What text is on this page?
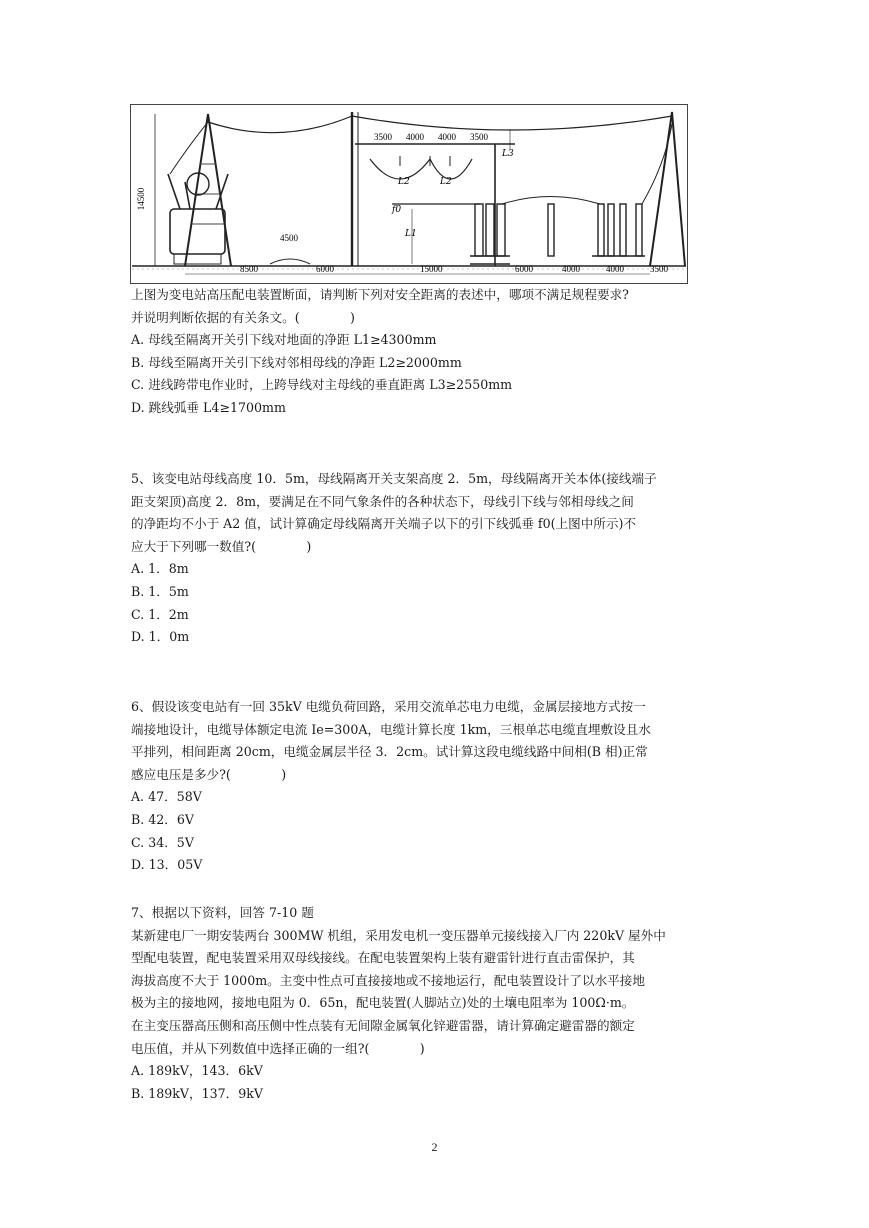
14500
3500 4000 4000 3500
L2	L2
f0
L1
L3
4500
8500	6000	15000	6000	4000	4000	3500

上图为变电站高压配电装置断面，请判断下列对安全距离的表述中，哪项不满足规程要求?

并说明判断依据的有关条文。(　　　　)

A. 母线至隔离开关引下线对地面的净距 L1≥4300mm

B. 母线至隔离开关引下线对邻相母线的净距 L2≥2000mm

C. 进线跨带电作业时，上跨导线对主母线的垂直距离 L3≥2550mm

D. 跳线弧垂 L4≥1700mm

5、该变电站母线高度 10．5m，母线隔离开关支架高度 2．5m，母线隔离开关本体(接线端子

距支架顶)高度 2．8m，要满足在不同气象条件的各种状态下，母线引下线与邻相母线之间

的净距均不小于 A2 值，试计算确定母线隔离开关端子以下的引下线弧垂 f0(上图中所示)不

应大于下列哪一数值?(　　　　)

A. 1．8m

B. 1．5m

C. 1．2m

D. 1．0m

6、假设该变电站有一回 35kV 电缆负荷回路，采用交流单芯电力电缆，金属层接地方式按一

端接地设计，电缆导体额定电流 Ie=300A，电缆计算长度 1km，三根单芯电缆直埋敷设且水

平排列，相间距离 20cm，电缆金属层半径 3．2cm。试计算这段电缆线路中间相(B 相)正常

感应电压是多少?(　　　　)

A. 47．58V

B. 42．6V

C. 34．5V

D. 13．05V

7、根据以下资料，回答 7-10 题

某新建电厂一期安装两台 300MW 机组，采用发电机一变压器单元接线接入厂内 220kV 屋外中

型配电装置，配电装置采用双母线接线。在配电装置架构上装有避雷针进行直击雷保护，其

海拔高度不大于 1000m。主变中性点可直接接地或不接地运行，配电装置设计了以水平接地

极为主的接地网，接地电阻为 0．65n，配电装置(人脚站立)处的土壤电阻率为 100Ω·m。

在主变压器高压侧和高压侧中性点装有无间隙金属氧化锌避雷器，请计算确定避雷器的额定

电压值，并从下列数值中选择正确的一组?(　　　　)

A. 189kV，143．6kV

B. 189kV，137．9kV

2
